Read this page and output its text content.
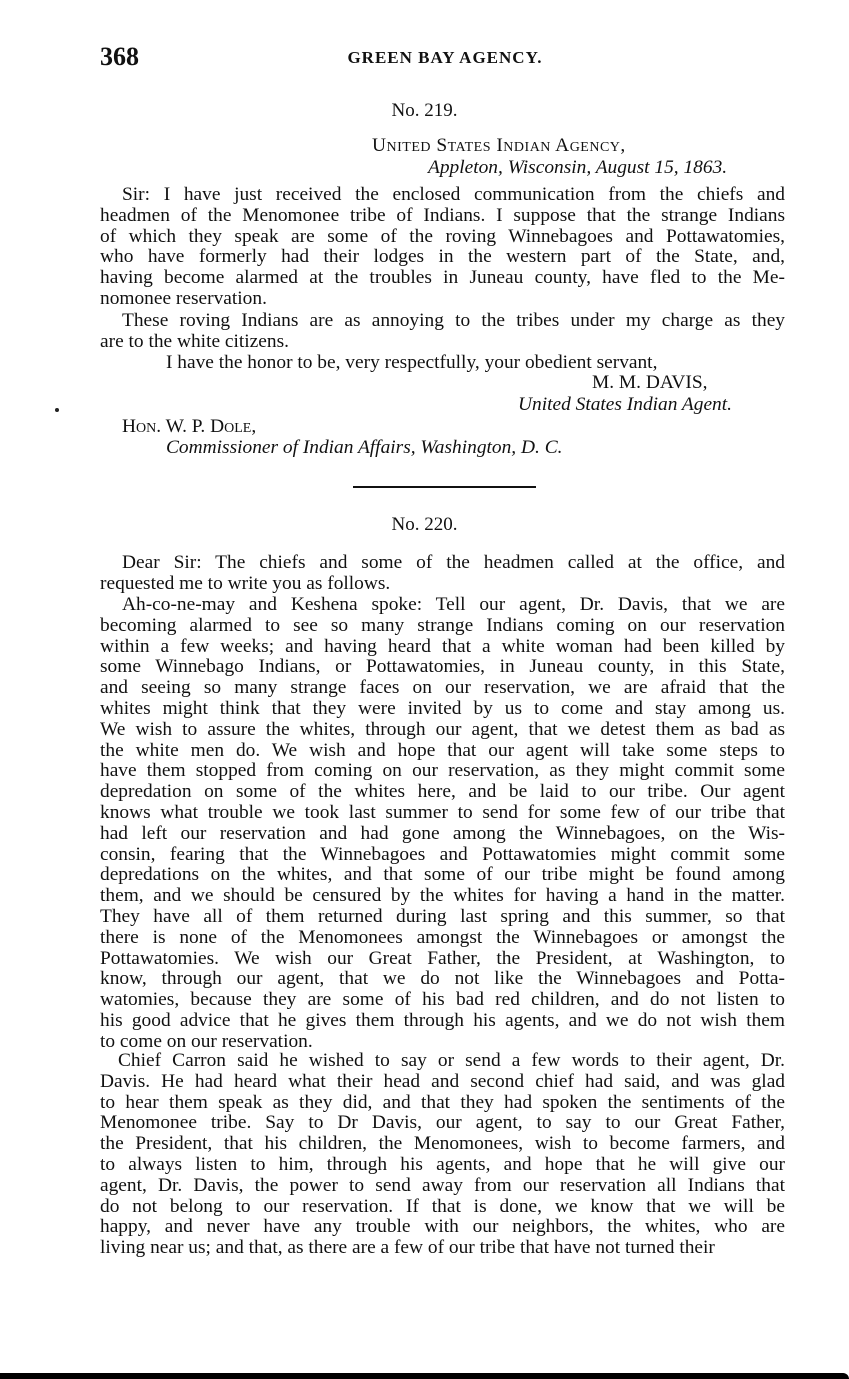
368	GREEN BAY AGENCY.
No. 219.
United States Indian Agency,
Appleton, Wisconsin, August 15, 1863.
Sir: I have just received the enclosed communication from the chiefs and
headmen of the Menomonee tribe of Indians. I suppose that the strange Indians
of which they speak are some of the roving Winnebagoes and Pottawatomies,
who have formerly had their lodges in the western part of the State, and,
having become alarmed at the troubles in Juneau county, have fled to the Me-
nomonee reservation.
These roving Indians are as annoying to the tribes under my charge as they
are to the white citizens.
I have the honor to be, very respectfully, your obedient servant,
M. M. DAVIS,
United States Indian Agent.
Hon. W. P. Dole,
Commissioner of Indian Affairs, Washington, D. C.
No. 220.
Dear Sir: The chiefs and some of the headmen called at the office, and
requested me to write you as follows.
Ah-co-ne-may and Keshena spoke: Tell our agent, Dr. Davis, that we are
becoming alarmed to see so many strange Indians coming on our reservation
within a few weeks; and having heard that a white woman had been killed by
some Winnebago Indians, or Pottawatomies, in Juneau county, in this State,
and seeing so many strange faces on our reservation, we are afraid that the
whites might think that they were invited by us to come and stay among us.
We wish to assure the whites, through our agent, that we detest them as bad as
the white men do. We wish and hope that our agent will take some steps to
have them stopped from coming on our reservation, as they might commit some
depredation on some of the whites here, and be laid to our tribe. Our agent
knows what trouble we took last summer to send for some few of our tribe that
had left our reservation and had gone among the Winnebagoes, on the Wis-
consin, fearing that the Winnebagoes and Pottawatomies might commit some
depredations on the whites, and that some of our tribe might be found among
them, and we should be censured by the whites for having a hand in the matter.
They have all of them returned during last spring and this summer, so that
there is none of the Menomonees amongst the Winnebagoes or amongst the
Pottawatomies. We wish our Great Father, the President, at Washington, to
know, through our agent, that we do not like the Winnebagoes and Potta-
watomies, because they are some of his bad red children, and do not listen to
his good advice that he gives them through his agents, and we do not wish them
to come on our reservation.
Chief Carron said he wished to say or send a few words to their agent, Dr.
Davis. He had heard what their head and second chief had said, and was glad
to hear them speak as they did, and that they had spoken the sentiments of the
Menomonee tribe. Say to Dr Davis, our agent, to say to our Great Father,
the President, that his children, the Menomonees, wish to become farmers, and
to always listen to him, through his agents, and hope that he will give our
agent, Dr. Davis, the power to send away from our reservation all Indians that
do not belong to our reservation. If that is done, we know that we will be
happy, and never have any trouble with our neighbors, the whites, who are
living near us; and that, as there are a few of our tribe that have not turned their
